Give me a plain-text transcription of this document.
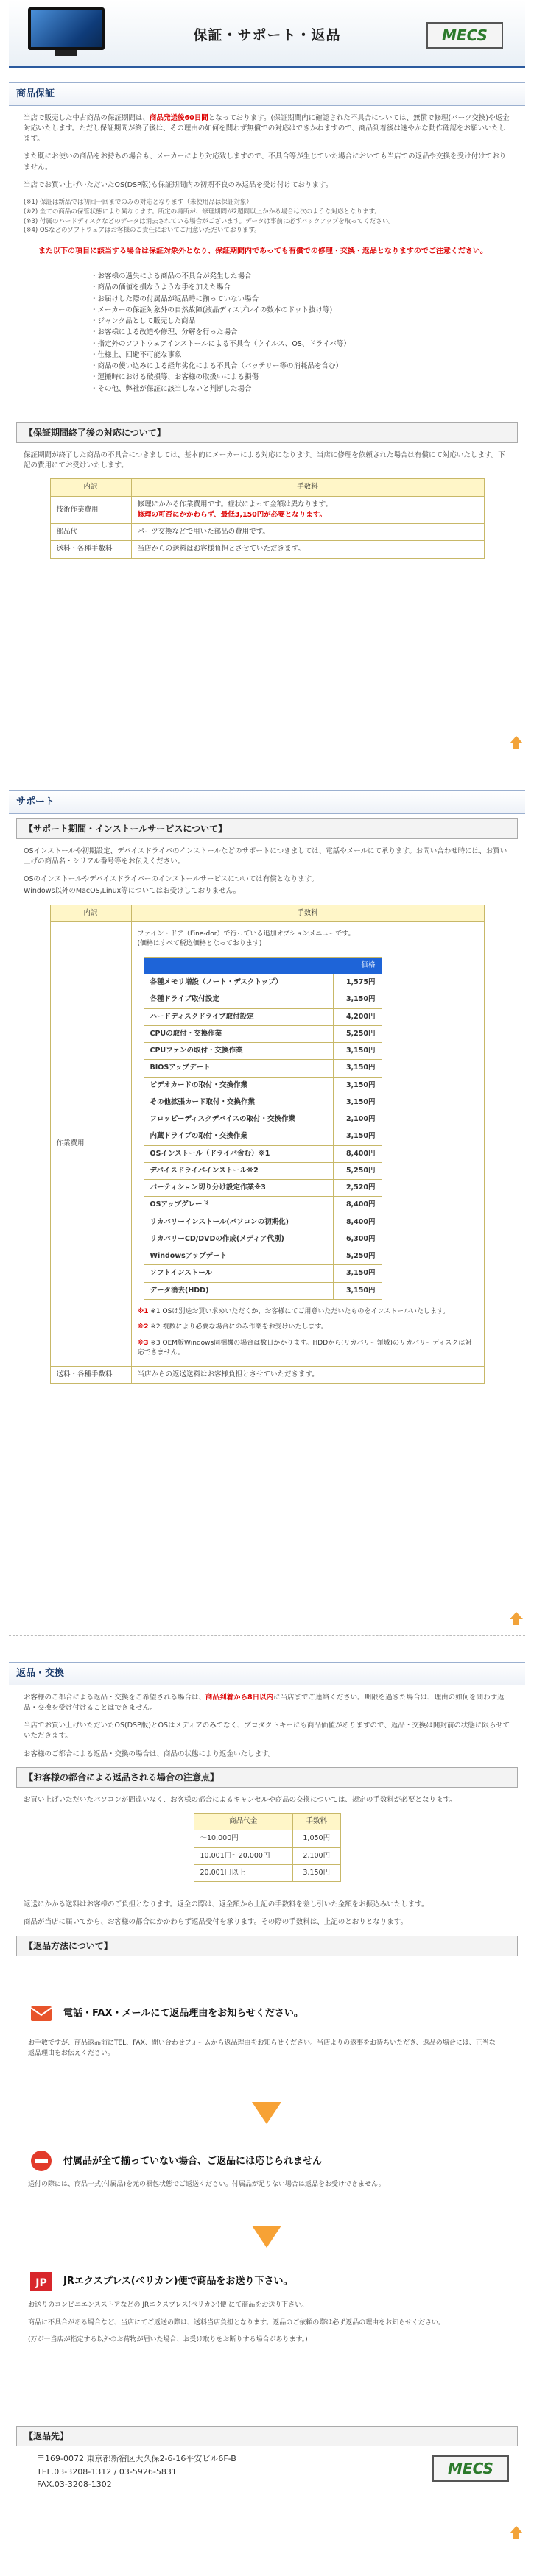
保証・サポート・返品	MECS
商品保証

当店で販売した中古商品の保証期間は、商品発送後60日間となっております。(保証期間内に確認された不具合については、無償で修理(パーツ交換)や返金対応いたします。ただし保証期間が終了後は、その理由の如何を問わず無償での対応はできかねますので、商品到着後は速やかな動作確認をお願いいたします。

また既にお使いの商品をお持ちの場合も、メーカーにより対応致しますので、不具合等が生じていた場合においても当店での返品や交換を受け付けておりません。

当店でお買い上げいただいたOS(DSP版)も保証期間内の初期不良のみ返品を受け付けております。

(※1) 保証は新品では初回一回までのみの対応となります（未使用品は保証対象）
(※2) 全ての商品の保管状態により異なります。所定の場所が、修理期間が2週間以上かかる場合は次のような対応となります。
(※3) 付属のハードディスクなどのデータは消去されている場合がございます。データは事前に必ずバックアップを取ってください。
(※4) OSなどのソフトウェアはお客様のご責任においてご用意いただいております。
また以下の項目に該当する場合は保証対象外となり、保証期間内であっても有償での修理・交換・返品となりますのでご注意ください。
・ お客様の過失による商品の不具合が発生した場合
・ 商品の価値を損なうような手を加えた場合
・ お届けした際の付属品が返品時に揃っていない場合
・ メーカーの保証対象外の自然故障(液晶ディスプレイの数本のドット抜け等)
・ ジャンク品として販売した商品
・ お客様による改造や修理、分解を行った場合
・ 指定外のソフトウェアインストールによる不具合（ウイルス、OS、ドライバ等）
・ 仕様上、回避不可能な事象
・ 商品の使い込みによる経年劣化による不具合（バッテリー等の消耗品を含む）
・ 運搬時における破損等、お客様の取扱いによる損傷
・ その他、弊社が保証に該当しないと判断した場合
【保証期間終了後の対応について】
保証期間が終了した商品の不具合につきましては、基本的にメーカーによる対応になります。当店に修理を依頼された場合は有償にて対応いたします。下記の費用にてお受けいたします。
内訳	手数料
技術作業費用	修理にかかる作業費用です。症状によって金額は異なります。
修理の可否にかかわらず、最低3,150円が必要となります。

部品代	パーツ交換などで用いた部品の費用です。
送料・各種手数料	当店からの送料はお客様負担とさせていただきます。
サポート
【サポート期間・インストールサービスについて】

OSインストールや初期設定、デバイスドライバのインストールなどのサポートにつきましては、電話やメールにて承ります。お問い合わせ時には、お買い上げの商品名・シリアル番号等をお伝えください。

OSのインストールやデバイスドライバーのインストールサービスについては有償となります。

Windows以外のMacOS,Linux等についてはお受けしておりません。

内訳	手数料
作業費用	
ファイン・ドア（Fine-dor）で行っている追加オプションメニューです。
(価格はすべて税込価格となっております)
価格
各種メモリ増設（ノート・デスクトップ）	1,575円
各種ドライブ取付設定	3,150円
ハードディスクドライブ取付設定	4,200円
CPUの取付・交換作業	5,250円
CPUファンの取付・交換作業	3,150円
BIOSアップデート	3,150円
ビデオカードの取付・交換作業	3,150円
その他拡張カード取付・交換作業	3,150円
フロッピーディスクデバイスの取付・交換作業	2,100円
内蔵ドライブの取付・交換作業	3,150円
OSインストール（ドライバ含む）※1	8,400円
デバイスドライバインストール※2	5,250円
パーティション切り分け設定作業※3	2,520円
OSアップグレード	8,400円
リカバリーインストール(パソコンの初期化)	8,400円
リカバリーCD/DVDの作成(メディア代別)	6,300円
Windowsアップデート	5,250円
ソフトインストール	3,150円
データ消去(HDD)	3,150円

※1 ※1 OSは別途お買い求めいただくか、お客様にてご用意いただいたものをインストールいたします。

※2 ※2 複数により必要な場合にのみ作業をお受けいたします。

※3 ※3 OEM版Windows同梱機の場合は数日かかります。HDDから(リカバリー領域)のリカバリーディスクは対応できません。

送料・各種手数料	当店からの返送送料はお客様負担とさせていただきます。
返品・交換

お客様のご都合による返品・交換をご希望される場合は、商品到着から8日以内に当店までご連絡ください。期限を過ぎた場合は、理由の如何を問わず返品・交換を受け付けることはできません。

当店でお買い上げいただいたOS(DSP版)とOSはメディアのみでなく、プロダクトキーにも商品価値がありますので、返品・交換は開封前の状態に限らせていただきます。

お客様のご都合による返品・交換の場合は、商品の状態により返金いたします。

【お客様の都合による返品される場合の注意点】
お買い上げいただいたパソコンが間違いなく、お客様の都合によるキャンセルや商品の交換については、規定の手数料が必要となります。
商品代金	手数料
～10,000円	1,050円
10,001円～20,000円	2,100円
20,001円以上	3,150円

返送にかかる送料はお客様のご負担となります。返金の際は、返金額から上記の手数料を差し引いた金額をお振込みいたします。

商品が当店に届いてから、お客様の都合にかかわらず返品受付を承ります。その際の手数料は、上記のとおりとなります。

【返品方法について】
電話・FAX・メールにて返品理由をお知らせください。
お手数ですが、商品返品前にTEL、FAX、問い合わせフォームから返品理由をお知らせください。当店よりの返事をお待ちいただき、返品の場合には、正当な返品理由をお伝えください。
付属品が全て揃っていない場合、ご返品には応じられません
送付の際には、商品一式(付属品)を元の梱包状態でご返送ください。付属品が足りない場合は返品をお受けできません。
JP JRエクスプレス(ペリカン)便で商品をお送り下さい。

お送りのコンビニエンスストアなどの JRエクスプレス(ペリカン)便 にて商品をお送り下さい。

商品に不具合がある場合など、当店にてご返送の際は、送料当店負担となります。返品のご依頼の際は必ず返品の理由をお知らせください。

(万が一当店が指定する以外のお荷物が届いた場合、お受け取りをお断りする場合があります。)

【返品先】
〒169-0072 東京都新宿区大久保2-6-16平安ビル6F-B
TEL.03-3208-1312 / 03-5926-5831
FAX.03-3208-1302
MECS
